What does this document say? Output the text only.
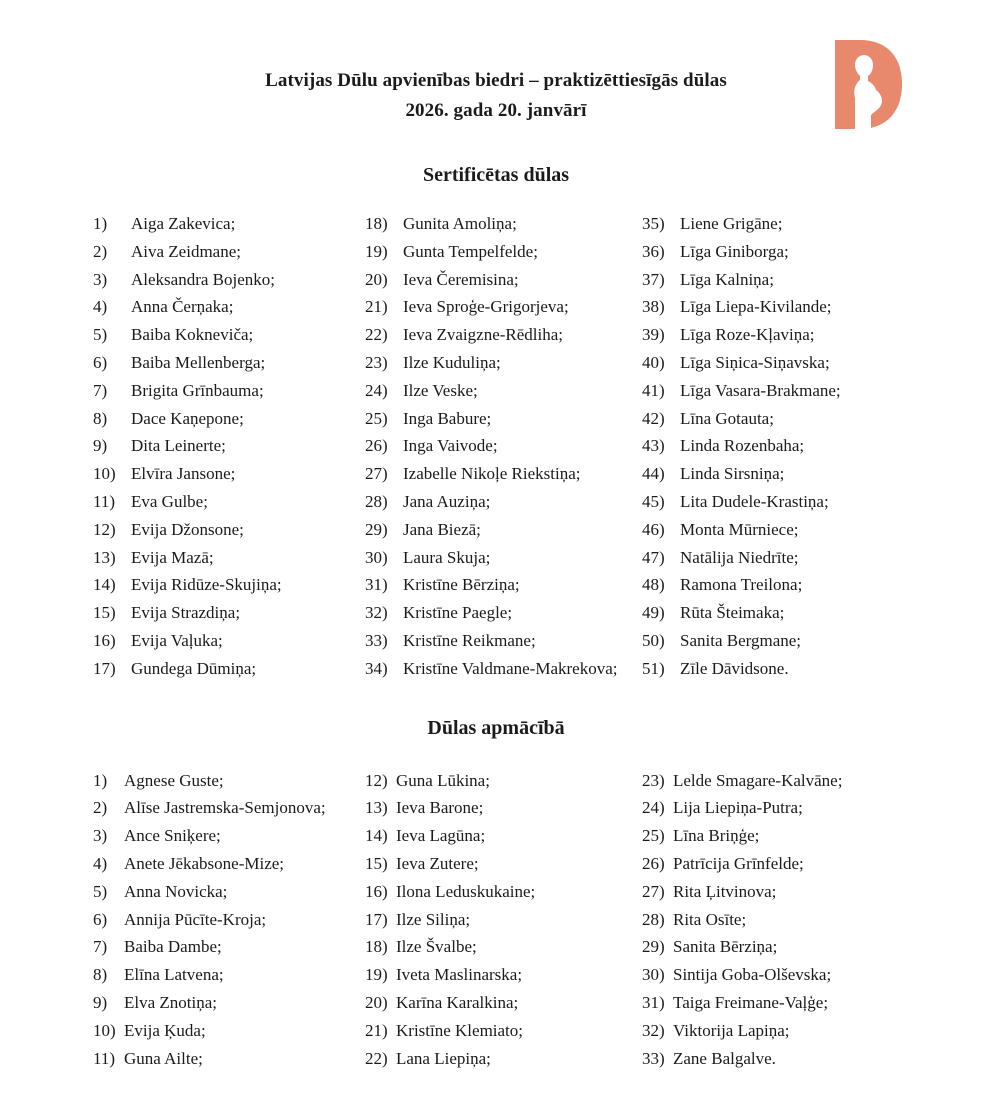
Latvijas Dūlu apvienības biedri – praktizēttiesīgās dūlas
2026. gada 20. janvārī
Sertificētas dūlas
1)	Aiga Zakevica;
2)	Aiva Zeidmane;
3)	Aleksandra Bojenko;
4)	Anna Čerņaka;
5)	Baiba Kokneviča;
6)	Baiba Mellenberga;
7)	Brigita Grīnbauma;
8)	Dace Kaņepone;
9)	Dita Leinerte;
10) Elvīra Jansone;
11) Eva Gulbe;
12) Evija Džonsone;
13) Evija Mazā;
14) Evija Ridūze-Skujiņa;
15) Evija Strazdiņa;
16) Evija Vaļuka;
17) Gundega Dūmiņa;
18) Gunita Amoliņa;
19) Gunta Tempelfelde;
20) Ieva Čeremisina;
21) Ieva Sproģe-Grigorjeva;
22) Ieva Zvaigzne-Rēdliha;
23) Ilze Kuduliņa;
24) Ilze Veske;
25) Inga Babure;
26) Inga Vaivode;
27) Izabelle Nikoļe Riekstiņa;
28) Jana Auziņa;
29) Jana Biezā;
30) Laura Skuja;
31) Kristīne Bērziņa;
32) Kristīne Paegle;
33) Kristīne Reikmane;
34) Kristīne Valdmane-Makrekova;
35) Liene Grigāne;
36) Līga Giniborga;
37) Līga Kalniņa;
38) Līga Liepa-Kivilande;
39) Līga Roze-Kļaviņa;
40) Līga Siņica-Siņavska;
41) Līga Vasara-Brakmane;
42) Līna Gotauta;
43) Linda Rozenbaha;
44) Linda Sirsniņa;
45) Lita Dudele-Krastiņa;
46) Monta Mūrniece;
47) Natālija Niedrīte;
48) Ramona Treilona;
49) Rūta Šteimaka;
50) Sanita Bergmane;
51) Zīle Dāvidsone.
Dūlas apmācībā
1) Agnese Guste;
2) Alīse Jastremska-Semjonova;
3) Ance Sniķere;
4) Anete Jēkabsone-Mize;
5) Anna Novicka;
6) Annija Pūcīte-Kroja;
7) Baiba Dambe;
8) Elīna Latvena;
9) Elva Znotiņa;
10) Evija Ķuda;
11) Guna Ailte;
12) Guna Lūkina;
13) Ieva Barone;
14) Ieva Lagūna;
15) Ieva Zutere;
16) Ilona Leduskukaine;
17) Ilze Siliņa;
18) Ilze Švalbe;
19) Iveta Maslinarska;
20) Karīna Karalkina;
21) Kristīne Klemiato;
22) Lana Liepiņa;
23) Lelde Smagare-Kalvāne;
24) Lija Liepiņa-Putra;
25) Līna Briņģe;
26) Patrīcija Grīnfelde;
27) Rita Ļitvinova;
28) Rita Osīte;
29) Sanita Bērziņa;
30) Sintija Goba-Olševska;
31) Taiga Freimane-Vaļģe;
32) Viktorija Lapiņa;
33) Zane Balgalve.
